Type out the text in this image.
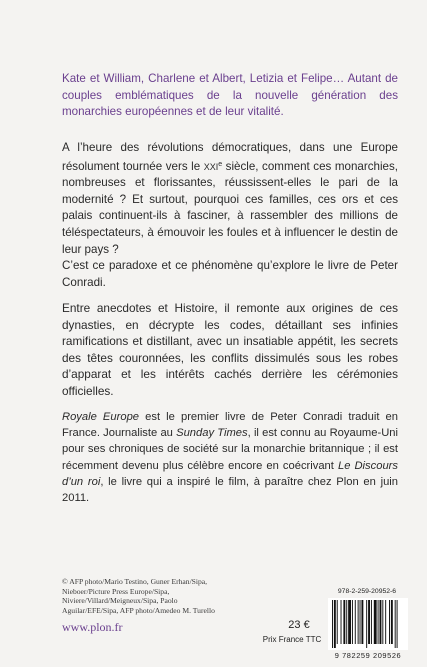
Kate et William, Charlene et Albert, Letizia et Felipe… Autant de couples emblématiques de la nouvelle génération des monarchies européennes et de leur vitalité.

A l’heure des révolutions démocratiques, dans une Europe résolument tournée vers le XXIe siècle, comment ces monarchies, nombreuses et florissantes, réussissent-elles le pari de la modernité ? Et surtout, pourquoi ces familles, ces ors et ces palais continuent-ils à fasciner, à rassembler des millions de téléspectateurs, à émouvoir les foules et à influencer le destin de leur pays ?

C’est ce paradoxe et ce phénomène qu’explore le livre de Peter Conradi.

Entre anecdotes et Histoire, il remonte aux origines de ces dynasties, en décrypte les codes, détaillant ses infinies ramifications et distillant, avec un insatiable appétit, les secrets des têtes couronnées, les conflits dissimulés sous les robes d’apparat et les intérêts cachés derrière les cérémonies officielles.
Royale Europe est le premier livre de Peter Conradi traduit en France. Journaliste au Sunday Times, il est connu au Royaume-Uni pour ses chroniques de société sur la monarchie britannique ; il est récemment devenu plus célèbre encore en coécrivant Le Discours d’un roi, le livre qui a inspiré le film, à paraître chez Plon en juin 2011.
© AFP photo/Mario Testino, Guner Erhan/Sipa, Nieboer/Picture Press Europe/Sipa, Niviere/Villard/Meigneux/Sipa, Paolo Aguilar/EFE/Sipa, AFP photo/Amedeo M. Turello
www.plon.fr	23 €
Prix France TTC
978-2-259-20952-6
9 782259 209526
